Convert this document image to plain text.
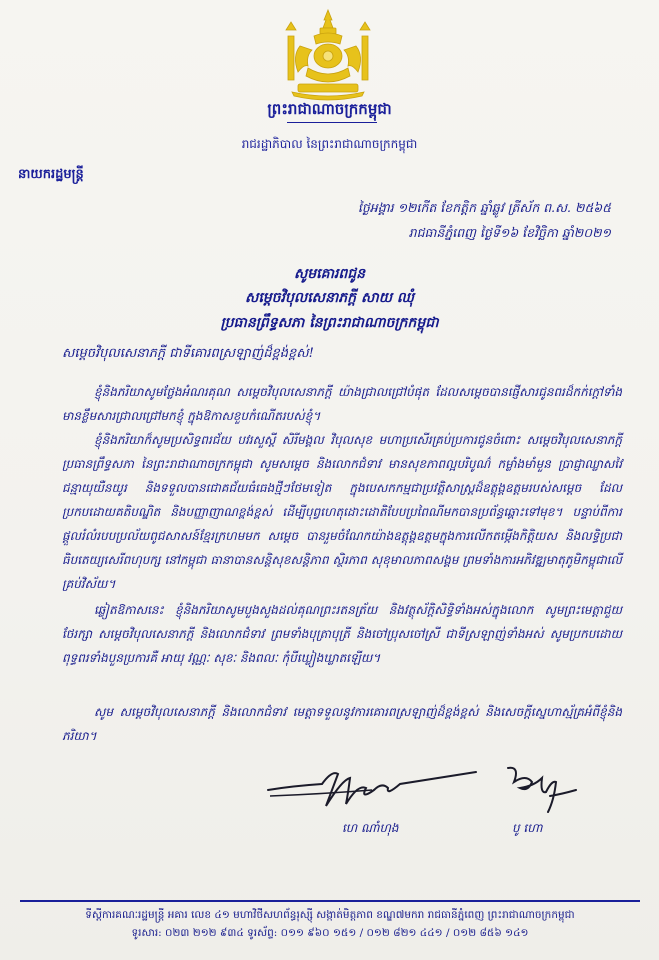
ព្រះរាជាណាចក្រកម្ពុជា
រាជរដ្ឋាភិបាល នៃព្រះរាជាណាចក្រកម្ពុជា
នាយករដ្ឋមន្ត្រី
ថ្ងៃអង្គារ ១២កើត ខែកត្តិក ឆ្នាំឆ្លូវ ត្រីស័ក ព.ស. ២៥៦៥
រាជធានីភ្នំពេញ ថ្ងៃទី១៦ ខែវិច្ឆិកា ឆ្នាំ២០២១
សូមគោរពជូន
សម្តេចវិបុលសេនាភក្តី សាយ ឈុំ
ប្រធានព្រឹទ្ធសភា នៃព្រះរាជាណាចក្រកម្ពុជា
សម្តេចវិបុលសេនាភក្តី ជាទីគោរពស្រឡាញ់ដ៏ខ្ពង់ខ្ពស់!

ខ្ញុំនិងភរិយាសូមថ្លែងអំណរគុណ សម្តេចវិបុលសេនាភក្តី យ៉ាងជ្រាលជ្រៅបំផុត ដែលសម្តេចបានផ្ញើសារជូនពរដ៏កក់ក្តៅទាំងមានខ្លឹមសារជ្រាលជ្រៅមកខ្ញុំ ក្នុងឱកាសខួបកំណើតរបស់ខ្ញុំ។

ខ្ញុំនិងភរិយាក៏សូមប្រសិទ្ធពរជ័យ បវរសួស្តី សិរីមង្គល វិបុលសុខ មហាប្រសើរគ្រប់ប្រការជូនចំពោះ សម្តេចវិបុលសេនាភក្តី ប្រធានព្រឹទ្ធសភា នៃព្រះរាជាណាចក្រកម្ពុជា សូមសម្តេច និងលោកជំទាវ មានសុខភាពល្អបរិបូណ៌ កម្លាំងមាំមួន ប្រាជ្ញាឈ្លាសវៃ ជន្មាយុយឺនយូរ និងទទួលបានជោគជ័យធំធេងថ្មីៗថែមទៀត ក្នុងបេសកកម្មជាប្រវត្តិសាស្ត្រដ៏ឧត្តុង្គឧត្តមរបស់សម្តេច ដែលប្រកបដោយគតិបណ្ឌិត និងបញ្ញាញាណខ្ពង់ខ្ពស់ ដើម្បីបុព្វហេតុដោះដោតិបែបប្រពៃណីមកបានប្រព័ន្ធឆ្ពោះទៅមុខ។ បន្ទាប់ពីការផ្តួលរំលំរបបប្រល័យពូជសាសន៍ខ្មែរក្រហមមក សម្តេច បានរួមចំណែកយ៉ាងឧត្តុង្គឧត្តមក្នុងការលើកតម្កើងកិត្តិយស និងលទ្ធិប្រជាធិបតេយ្យសេរីពហុបក្ស នៅកម្ពុជា ធានាបានសន្តិសុខសន្តិភាព ស្ថិរភាព សុខុមាលភាពសង្គម ព្រមទាំងការអភិវឌ្ឍមាតុភូមិកម្ពុជាលើគ្រប់វិស័យ។

ឆ្លៀតឱកាសនេះ ខ្ញុំនិងភរិយាសូមបួងសួងដល់គុណព្រះរតនត្រ័យ និងវត្ថុស័ក្តិសិទ្ធិទាំងអស់ក្នុងលោក សូមព្រះមេត្តាជួយថែរក្សា សម្តេចវិបុលសេនាភក្តី និងលោកជំទាវ ព្រមទាំងបុត្រាបុត្រី និងចៅប្រុសចៅស្រី ជាទីស្រឡាញ់ទាំងអស់ សូមប្រកបដោយពុទ្ធពរទាំងបួនប្រការគឺ អាយុ វណ្ណៈ សុខៈ និងពលៈ កុំបីឃ្លៀងឃ្លាតឡើយ។

សូម សម្តេចវិបុលសេនាភក្តី និងលោកជំទាវ មេត្តាទទួលនូវការគោរពស្រឡាញ់ដ៏ខ្ពង់ខ្ពស់ និងសេចក្តីស្នេហាស្ម័គ្រអំពីខ្ញុំនិងភរិយា។

ហេ ណាំហុង	បូ ហោ
ទីស្តីការគណៈរដ្ឋមន្ត្រី អគារ លេខ ៤១ មហាវិថីសហព័ន្ធរុស្ស៊ី សង្កាត់មិត្តភាព ខណ្ឌ៧មករា រាជធានីភ្នំពេញ ព្រះរាជាណាចក្រកម្ពុជា
ទូរសារ: ០២៣ ២១២ ៩៣៤ ទូរស័ព្ទ: ០១១ ៩៦០ ១៥១ / ០១២ ៨២១ ៤៤១ / ០១២ ៨៥៦ ១៤១
